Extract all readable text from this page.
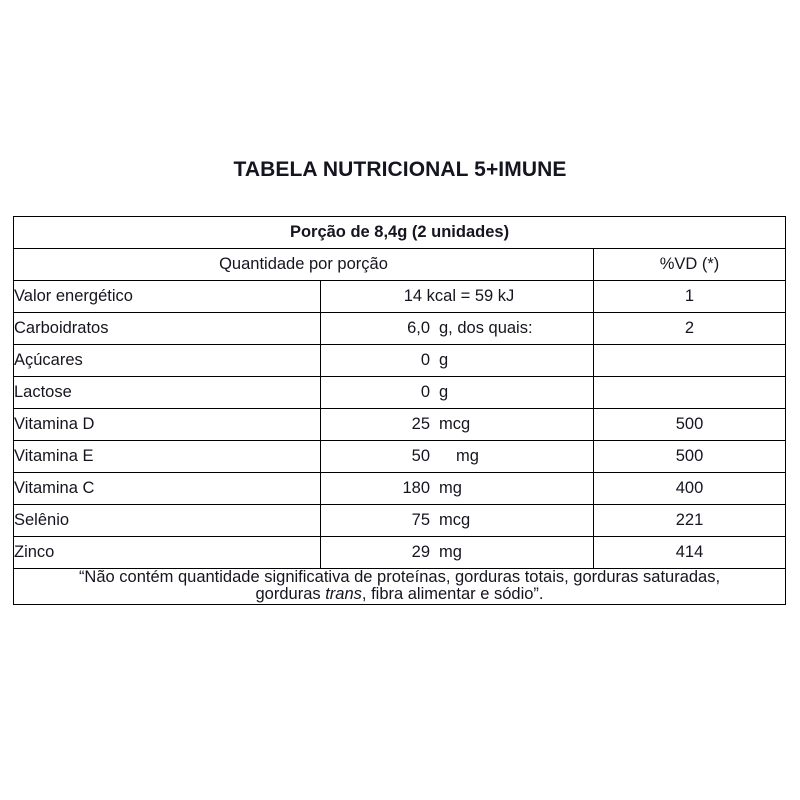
TABELA NUTRICIONAL 5+IMUNE
Porção de 8,4g (2 unidades)		
Quantidade por porção		%VD (*)
Valor energético	14 kcal = 59 kJ	1
Carboidratos	6,0 g, dos quais:	2
Açúcares	0 g	

Lactose	0 g	

Vitamina D	25 mcg	500
Vitamina E	50 mg	500
Vitamina C	180 mg	400
Selênio	75 mcg	221
Zinco	29 mg	414

“Não contém quantidade significativa de proteínas, gorduras totais, gorduras saturadas,
gorduras trans, fibra alimentar e sódio”.		
